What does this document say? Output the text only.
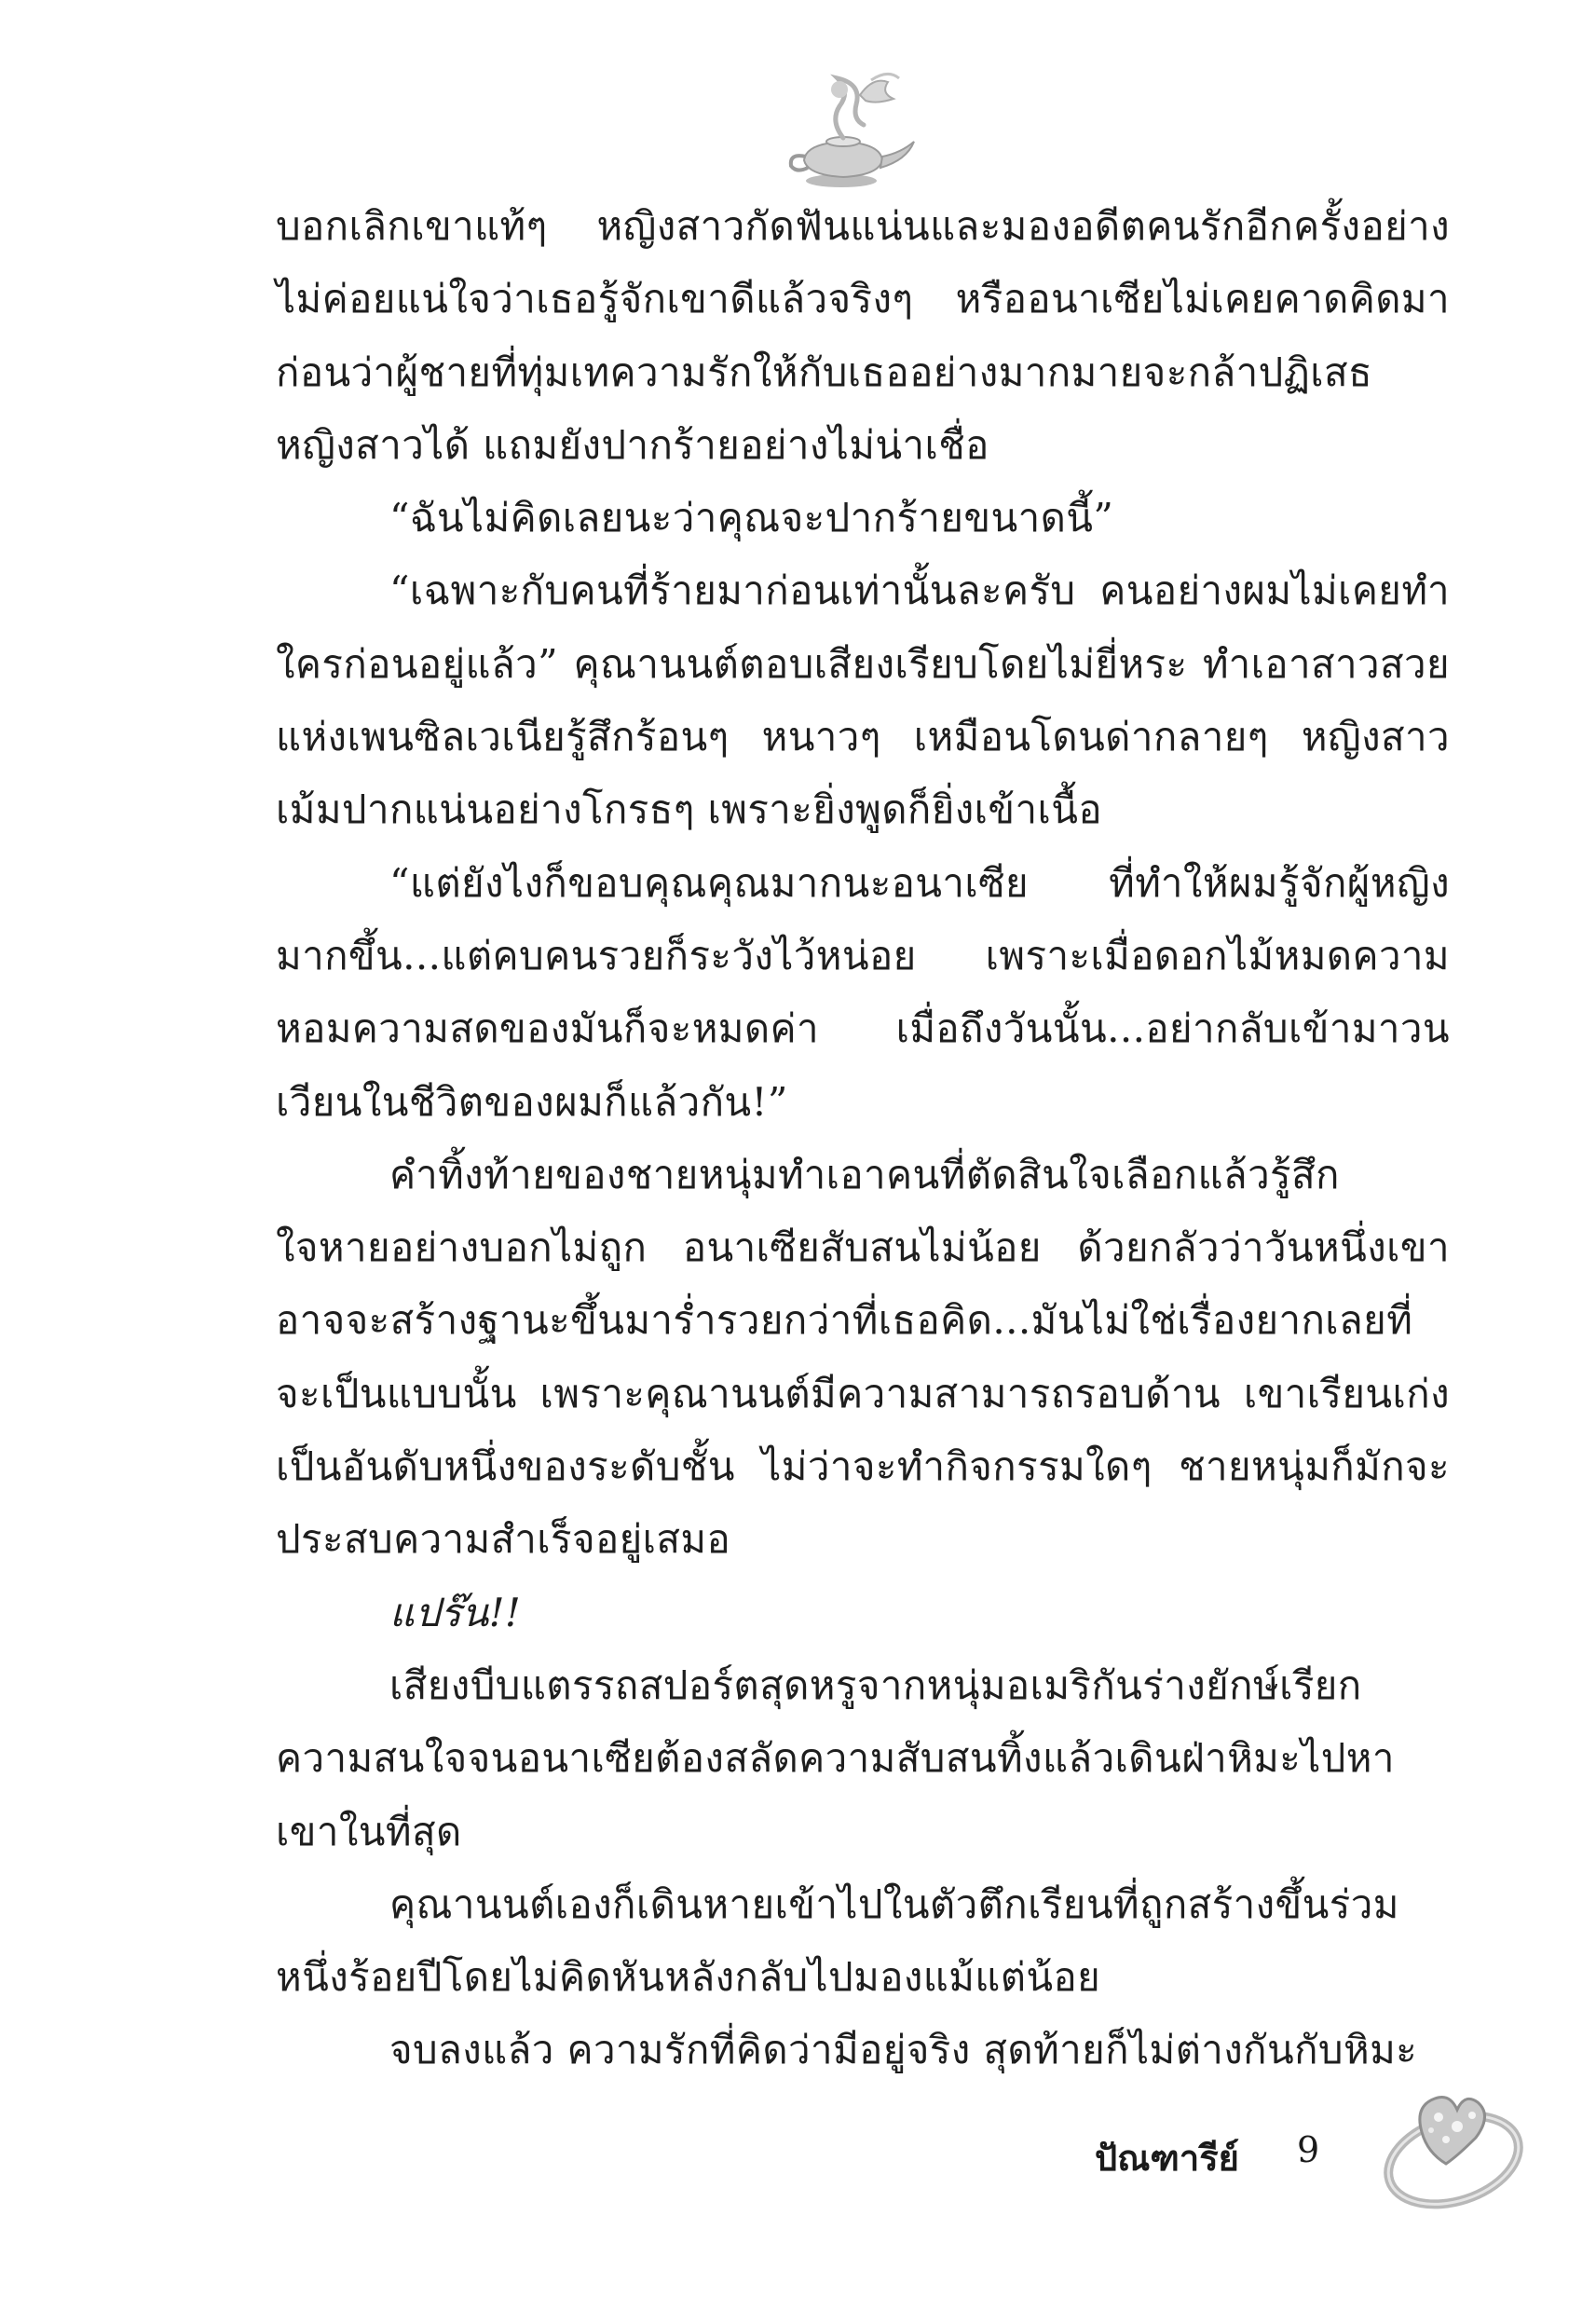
บอกเลิกเขาแท้ๆ หญิงสาวกัดฟันแน่นและมองอดีตคนรักอีกครั้งอย่างไม่ค่อยแน่ใจว่าเธอรู้จักเขาดีแล้วจริงๆ หรืออนาเซียไม่เคยคาดคิดมาก่อนว่าผู้ชายที่ทุ่มเทความรักให้กับเธออย่างมากมายจะกล้าปฏิเสธหญิงสาวได้ แถมยังปากร้ายอย่างไม่น่าเชื่อ

“ฉันไม่คิดเลยนะว่าคุณจะปากร้ายขนาดนี้”

“เฉพาะกับคนที่ร้ายมาก่อนเท่านั้นละครับ คนอย่างผมไม่เคยทำใครก่อนอยู่แล้ว” คุณานนต์ตอบเสียงเรียบโดยไม่ยี่หระ ทำเอาสาวสวยแห่งเพนซิลเวเนียรู้สึกร้อนๆ หนาวๆ เหมือนโดนด่ากลายๆ หญิงสาวเม้มปากแน่นอย่างโกรธๆ เพราะยิ่งพูดก็ยิ่งเข้าเนื้อ

“แต่ยังไงก็ขอบคุณคุณมากนะอนาเซีย ที่ทำให้ผมรู้จักผู้หญิงมากขึ้น...แต่คบคนรวยก็ระวังไว้หน่อย เพราะเมื่อดอกไม้หมดความหอมความสดของมันก็จะหมดค่า เมื่อถึงวันนั้น...อย่ากลับเข้ามาวนเวียนในชีวิตของผมก็แล้วกัน!”

คำทิ้งท้ายของชายหนุ่มทำเอาคนที่ตัดสินใจเลือกแล้วรู้สึกใจหายอย่างบอกไม่ถูก อนาเซียสับสนไม่น้อย ด้วยกลัวว่าวันหนึ่งเขาอาจจะสร้างฐานะขึ้นมาร่ำรวยกว่าที่เธอคิด...มันไม่ใช่เรื่องยากเลยที่จะเป็นแบบนั้น เพราะคุณานนต์มีความสามารถรอบด้าน เขาเรียนเก่งเป็นอันดับหนึ่งของระดับชั้น ไม่ว่าจะทำกิจกรรมใดๆ ชายหนุ่มก็มักจะประสบความสำเร็จอยู่เสมอ

แปร๊น!!

เสียงบีบแตรรถสปอร์ตสุดหรูจากหนุ่มอเมริกันร่างยักษ์เรียกความสนใจจนอนาเซียต้องสลัดความสับสนทิ้งแล้วเดินฝ่าหิมะไปหาเขาในที่สุด

คุณานนต์เองก็เดินหายเข้าไปในตัวตึกเรียนที่ถูกสร้างขึ้นร่วมหนึ่งร้อยปีโดยไม่คิดหันหลังกลับไปมองแม้แต่น้อย

จบลงแล้ว ความรักที่คิดว่ามีอยู่จริง สุดท้ายก็ไม่ต่างกันกับหิมะ

ปัณฑารีย์ 9
